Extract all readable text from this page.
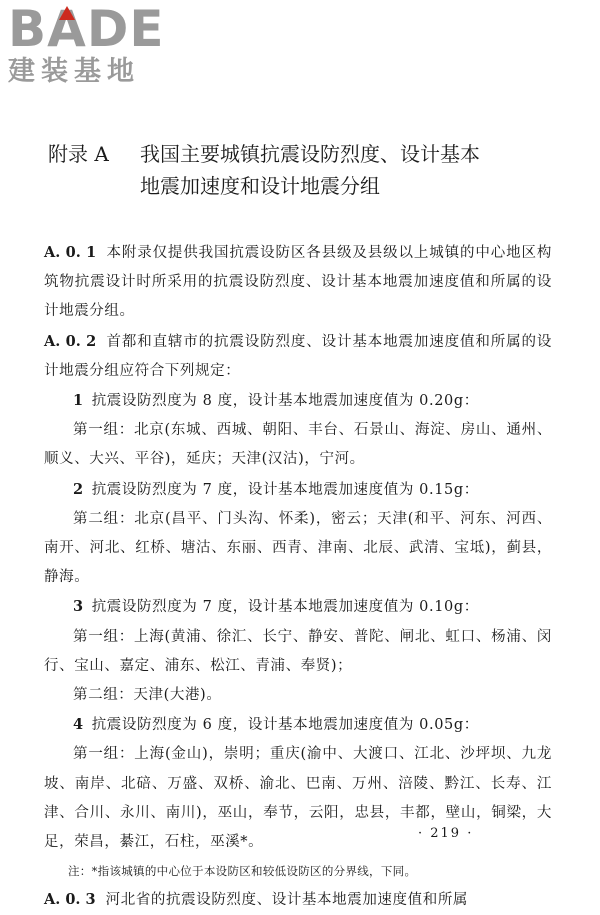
B A DE
建装基地
附录 A 我国主要城镇抗震设防烈度、设计基本
地震加速度和设计地震分组

A. 0. 1 本附录仅提供我国抗震设防区各县级及县级以上城镇的中心地区构筑物抗震设计时所采用的抗震设防烈度、设计基本地震加速度值和所属的设计地震分组。

A. 0. 2 首都和直辖市的抗震设防烈度、设计基本地震加速度值和所属的设计地震分组应符合下列规定：

1 抗震设防烈度为 8 度，设计基本地震加速度值为 0.20g：

第一组：北京(东城、西城、朝阳、丰台、石景山、海淀、房山、通州、顺义、大兴、平谷)，延庆；天津(汉沽)，宁河。

2 抗震设防烈度为 7 度，设计基本地震加速度值为 0.15g：

第二组：北京(昌平、门头沟、怀柔)，密云；天津(和平、河东、河西、南开、河北、红桥、塘沽、东丽、西青、津南、北辰、武清、宝坻)，蓟县，静海。

3 抗震设防烈度为 7 度，设计基本地震加速度值为 0.10g：

第一组：上海(黄浦、徐汇、长宁、静安、普陀、闸北、虹口、杨浦、闵行、宝山、嘉定、浦东、松江、青浦、奉贤)；

第二组：天津(大港)。

4 抗震设防烈度为 6 度，设计基本地震加速度值为 0.05g：

第一组：上海(金山)，崇明；重庆(渝中、大渡口、江北、沙坪坝、九龙坡、南岸、北碚、万盛、双桥、渝北、巴南、万州、涪陵、黔江、长寿、江津、合川、永川、南川)，巫山，奉节，云阳，忠县，丰都，壁山，铜梁，大足，荣昌，綦江，石柱，巫溪*。

注：*指该城镇的中心位于本设防区和较低设防区的分界线，下同。

A. 0. 3 河北省的抗震设防烈度、设计基本地震加速度值和所属

· 219 ·
